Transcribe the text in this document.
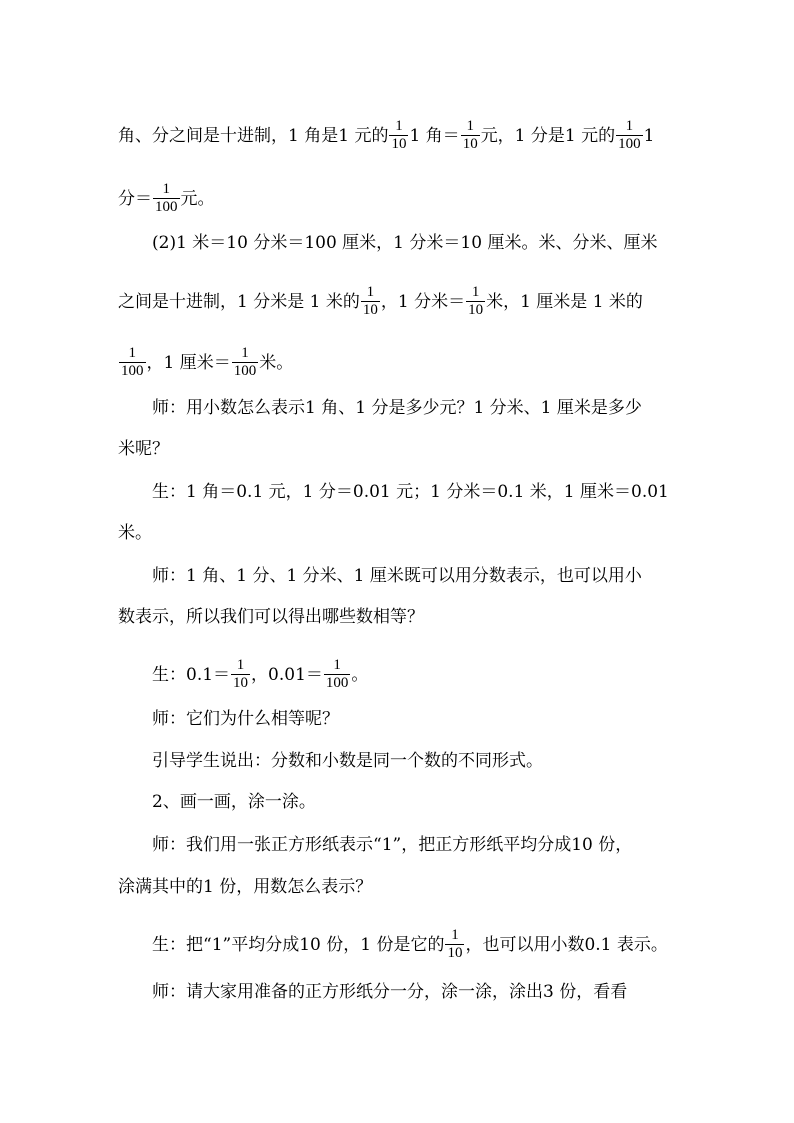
角、分之间是十进制，1 角是1 元的 $\frac{1}{10} 1$ 角＝ $\frac{1}{10}$ 元，1 分是1 元的 $\frac{1}{100} 1$
分＝ $\frac{1}{100}$ 元。
(2)1 米＝10 分米＝100 厘米，1 分米＝10 厘米。米、分米、厘米
之间是十进制，1 分米是 1 米的 $\frac{1}{10}$ ，1 分米＝ $\frac{1}{10}$ 米，1 厘米是 1 米的
$\frac{1}{100}$ ，1 厘米＝ $\frac{1}{100}$ 米。
师：用小数怎么表示1 角、1 分是多少元？1 分米、1 厘米是多少
米呢？
生：1 角＝0.1 元，1 分＝0.01 元；1 分米＝0.1 米，1 厘米＝0.01
米。
师：1 角、1 分、1 分米、1 厘米既可以用分数表示，也可以用小
数表示，所以我们可以得出哪些数相等？
生：$0.1= \frac{1}{10}$ ，$0.01= \frac{1}{100}$ 。
师：它们为什么相等呢？
引导学生说出：分数和小数是同一个数的不同形式。
2、画一画，涂一涂。
师：我们用一张正方形纸表示“1”，把正方形纸平均分成10 份，
涂满其中的1 份，用数怎么表示？
生：把“1”平均分成10 份，1 份是它的 $\frac{1}{10}$ ，也可以用小数0.1 表示。
师：请大家用准备的正方形纸分一分，涂一涂，涂出3 份，看看
